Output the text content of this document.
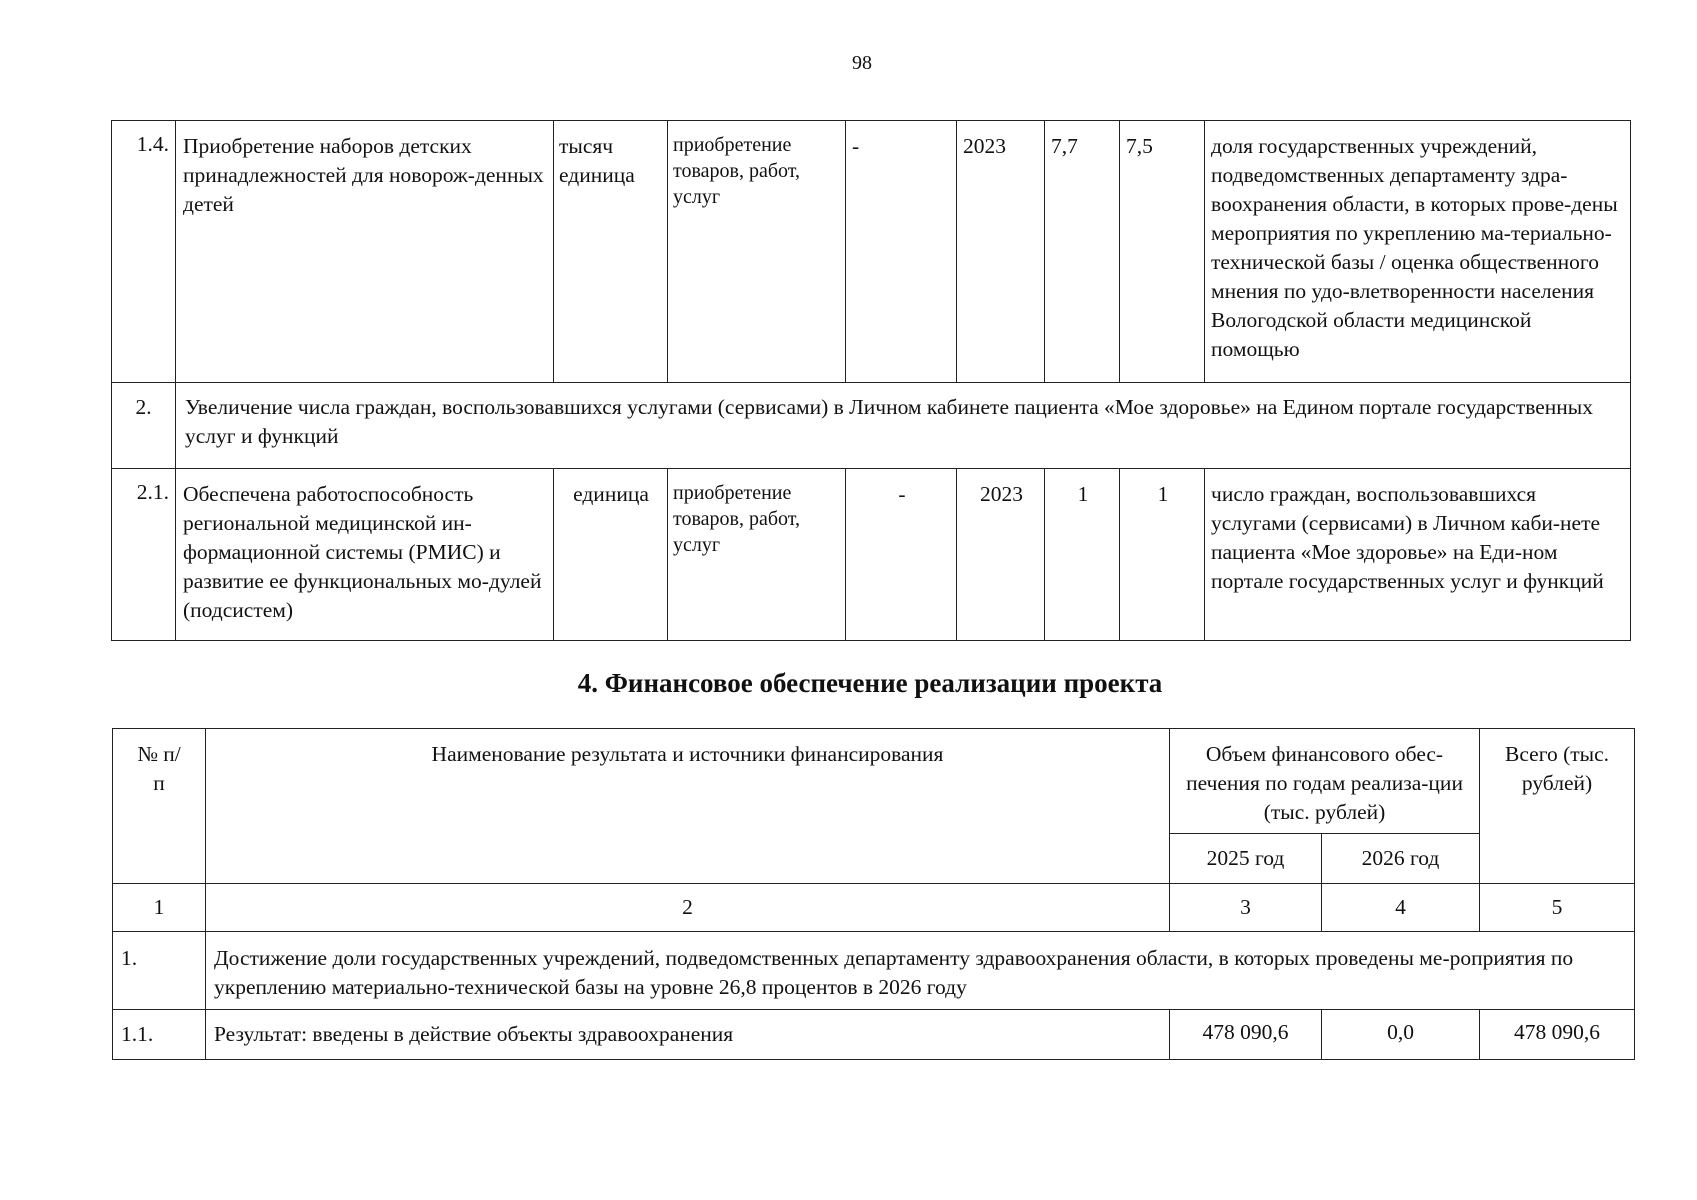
98
1.4.	Приобретение наборов детских принадлежностей для новорож-денных детей	тысяч единица	приобретение товаров, работ, услуг	-	2023	7,7	7,5	доля государственных учреждений, подведомственных департаменту здра-воохранения области, в которых прове-дены мероприятия по укреплению ма-териально-технической базы / оценка общественного мнения по удо-влетворенности населения Вологодской области медицинской помощью
2.	Увеличение числа граждан, воспользовавшихся услугами (сервисами) в Личном кабинете пациента «Мое здоровье» на Едином портале государственных услуг и функций							
2.1.	Обеспечена работоспособность региональной медицинской ин-формационной системы (РМИС) и развитие ее функциональных мо-дулей (подсистем)	единица	приобретение товаров, работ, услуг	-	2023	1	1	число граждан, воспользовавшихся услугами (сервисами) в Личном каби-нете пациента «Мое здоровье» на Еди-ном портале государственных услуг и функций
4. Финансовое обеспечение реализации проекта
№ п/п	Наименование результата и источники финансирования	Объем финансового обес-печения по годам реализа-ции (тыс. рублей)		Всего (тыс. рублей)
		2025 год	2026 год	
1	2	3	4	5
1.	Достижение доли государственных учреждений, подведомственных департаменту здравоохранения области, в которых проведены ме-роприятия по укреплению материально-технической базы на уровне 26,8 процентов в 2026 году			
1.1.	Результат: введены в действие объекты здравоохранения	478 090,6	0,0	478 090,6
